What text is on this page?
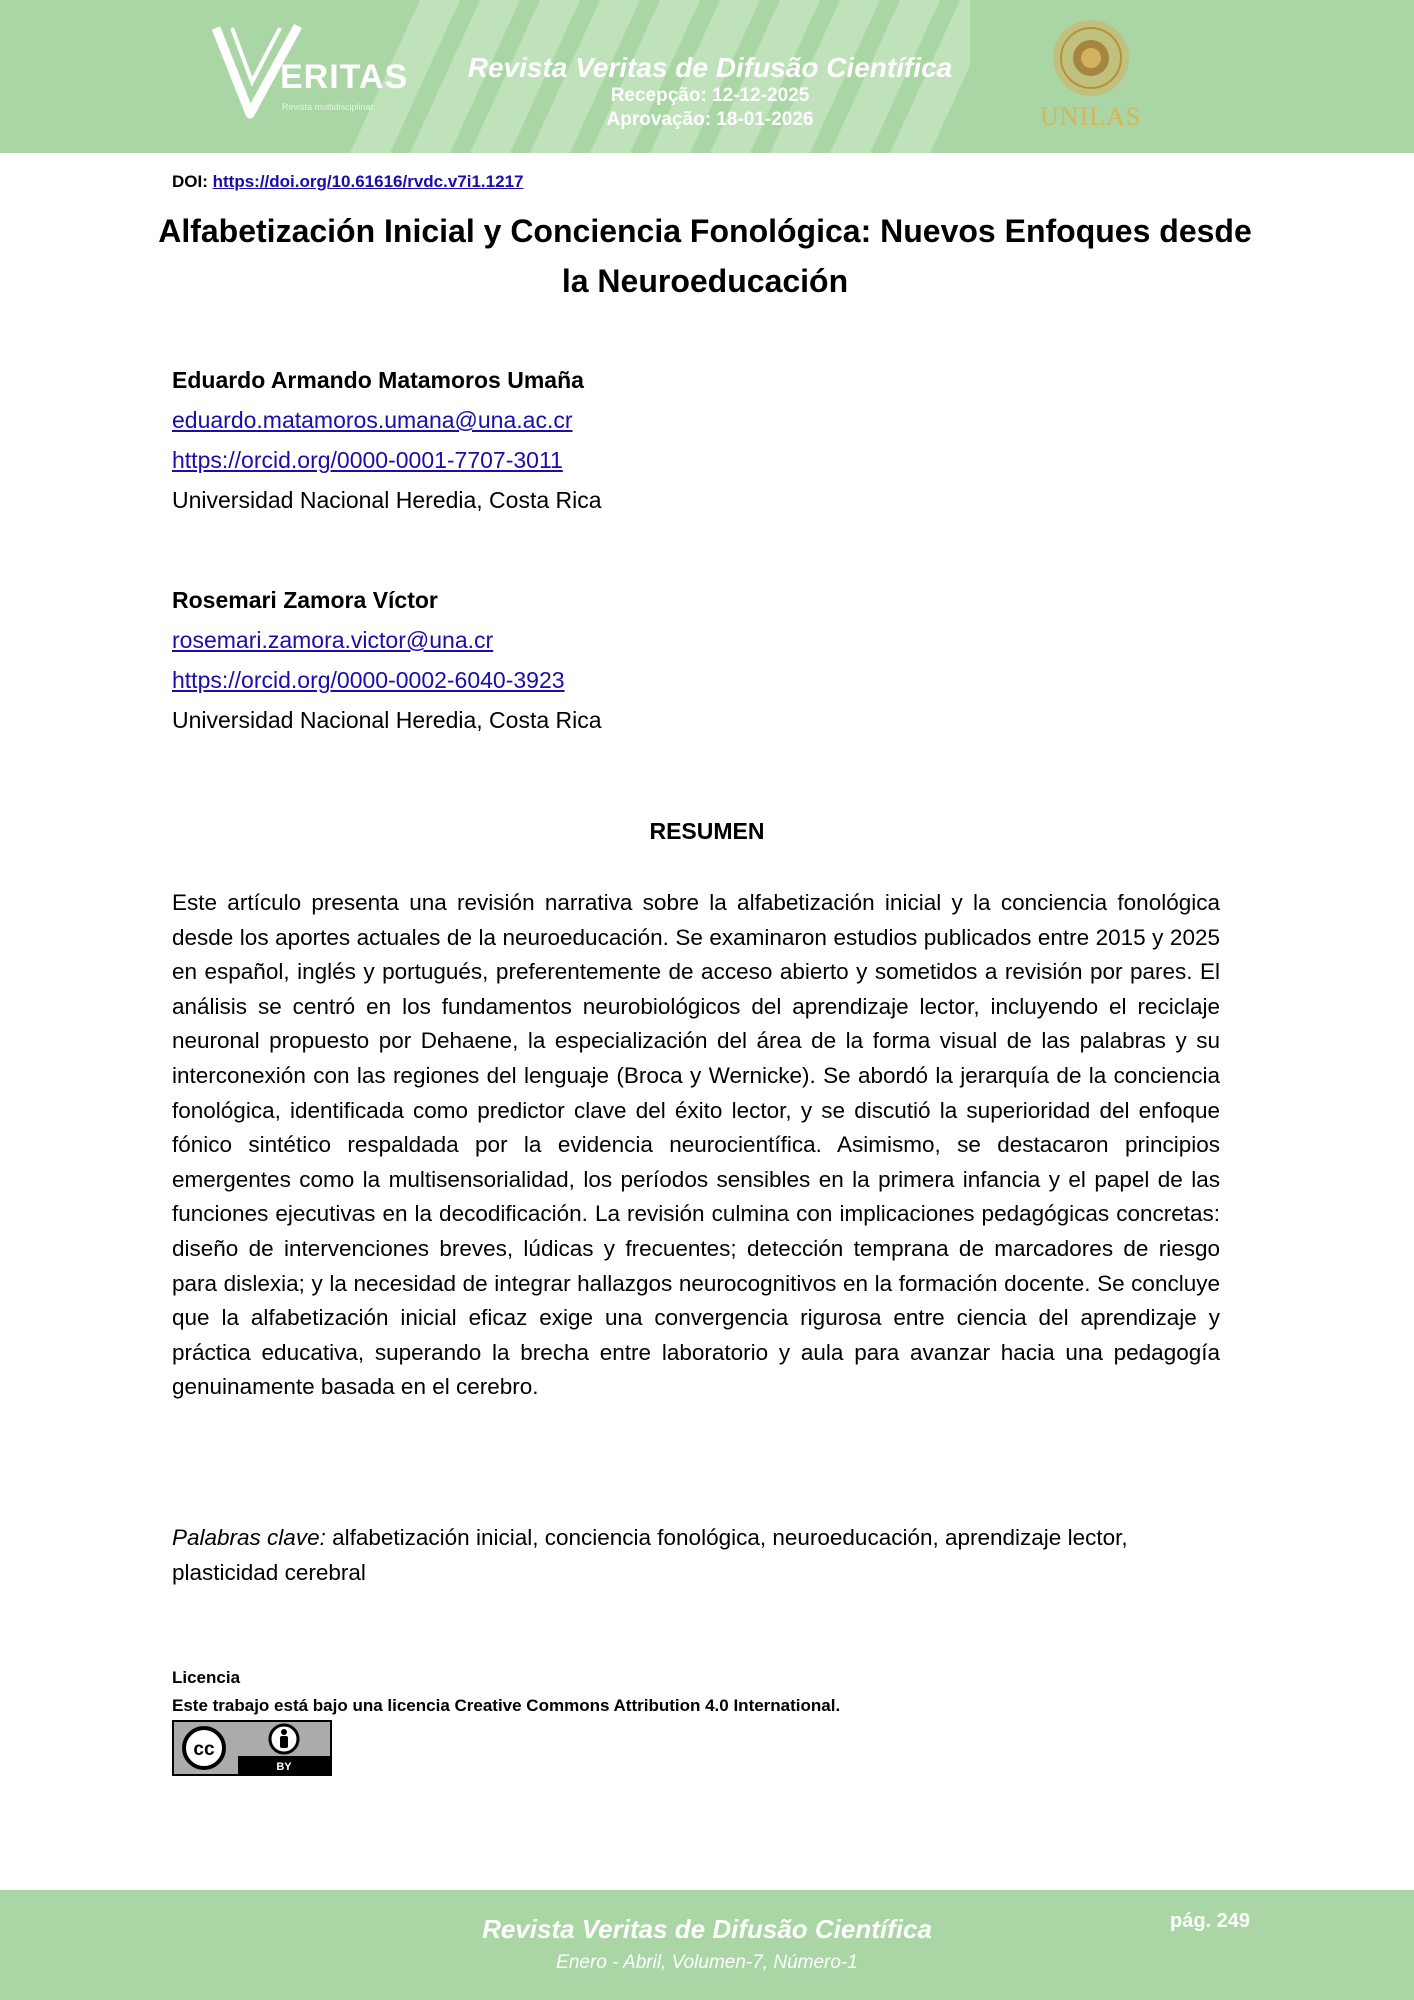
ERITAS
Revista multidisciplinar
Revista Veritas de Difusão Científica
Recepção: 12-12-2025
Aprovação: 18-01-2026	UNILAS
DOI: https://doi.org/10.61616/rvdc.v7i1.1217
Alfabetización Inicial y Conciencia Fonológica: Nuevos Enfoques desde la Neuroeducación
Eduardo Armando Matamoros Umaña
eduardo.matamoros.umana@una.ac.cr
https://orcid.org/0000-0001-7707-3011
Universidad Nacional Heredia, Costa Rica
Rosemari Zamora Víctor
rosemari.zamora.victor@una.cr
https://orcid.org/0000-0002-6040-3923
Universidad Nacional Heredia, Costa Rica
RESUMEN
Este artículo presenta una revisión narrativa sobre la alfabetización inicial y la conciencia fonológica desde los aportes actuales de la neuroeducación. Se examinaron estudios publicados entre 2015 y 2025 en español, inglés y portugués, preferentemente de acceso abierto y sometidos a revisión por pares. El análisis se centró en los fundamentos neurobiológicos del aprendizaje lector, incluyendo el reciclaje neuronal propuesto por Dehaene, la especialización del área de la forma visual de las palabras y su interconexión con las regiones del lenguaje (Broca y Wernicke). Se abordó la jerarquía de la conciencia fonológica, identificada como predictor clave del éxito lector, y se discutió la superioridad del enfoque fónico sintético respaldada por la evidencia neurocientífica. Asimismo, se destacaron principios emergentes como la multisensorialidad, los períodos sensibles en la primera infancia y el papel de las funciones ejecutivas en la decodificación. La revisión culmina con implicaciones pedagógicas concretas: diseño de intervenciones breves, lúdicas y frecuentes; detección temprana de marcadores de riesgo para dislexia; y la necesidad de integrar hallazgos neurocognitivos en la formación docente. Se concluye que la alfabetización inicial eficaz exige una convergencia rigurosa entre ciencia del aprendizaje y práctica educativa, superando la brecha entre laboratorio y aula para avanzar hacia una pedagogía genuinamente basada en el cerebro.
Palabras clave: alfabetización inicial, conciencia fonológica, neuroeducación, aprendizaje lector, plasticidad cerebral
Licencia
Este trabajo está bajo una licencia Creative Commons Attribution 4.0 International.
cc
BY
Revista Veritas de Difusão Científica
Enero - Abril, Volumen-7, Número-1
pág. 249
